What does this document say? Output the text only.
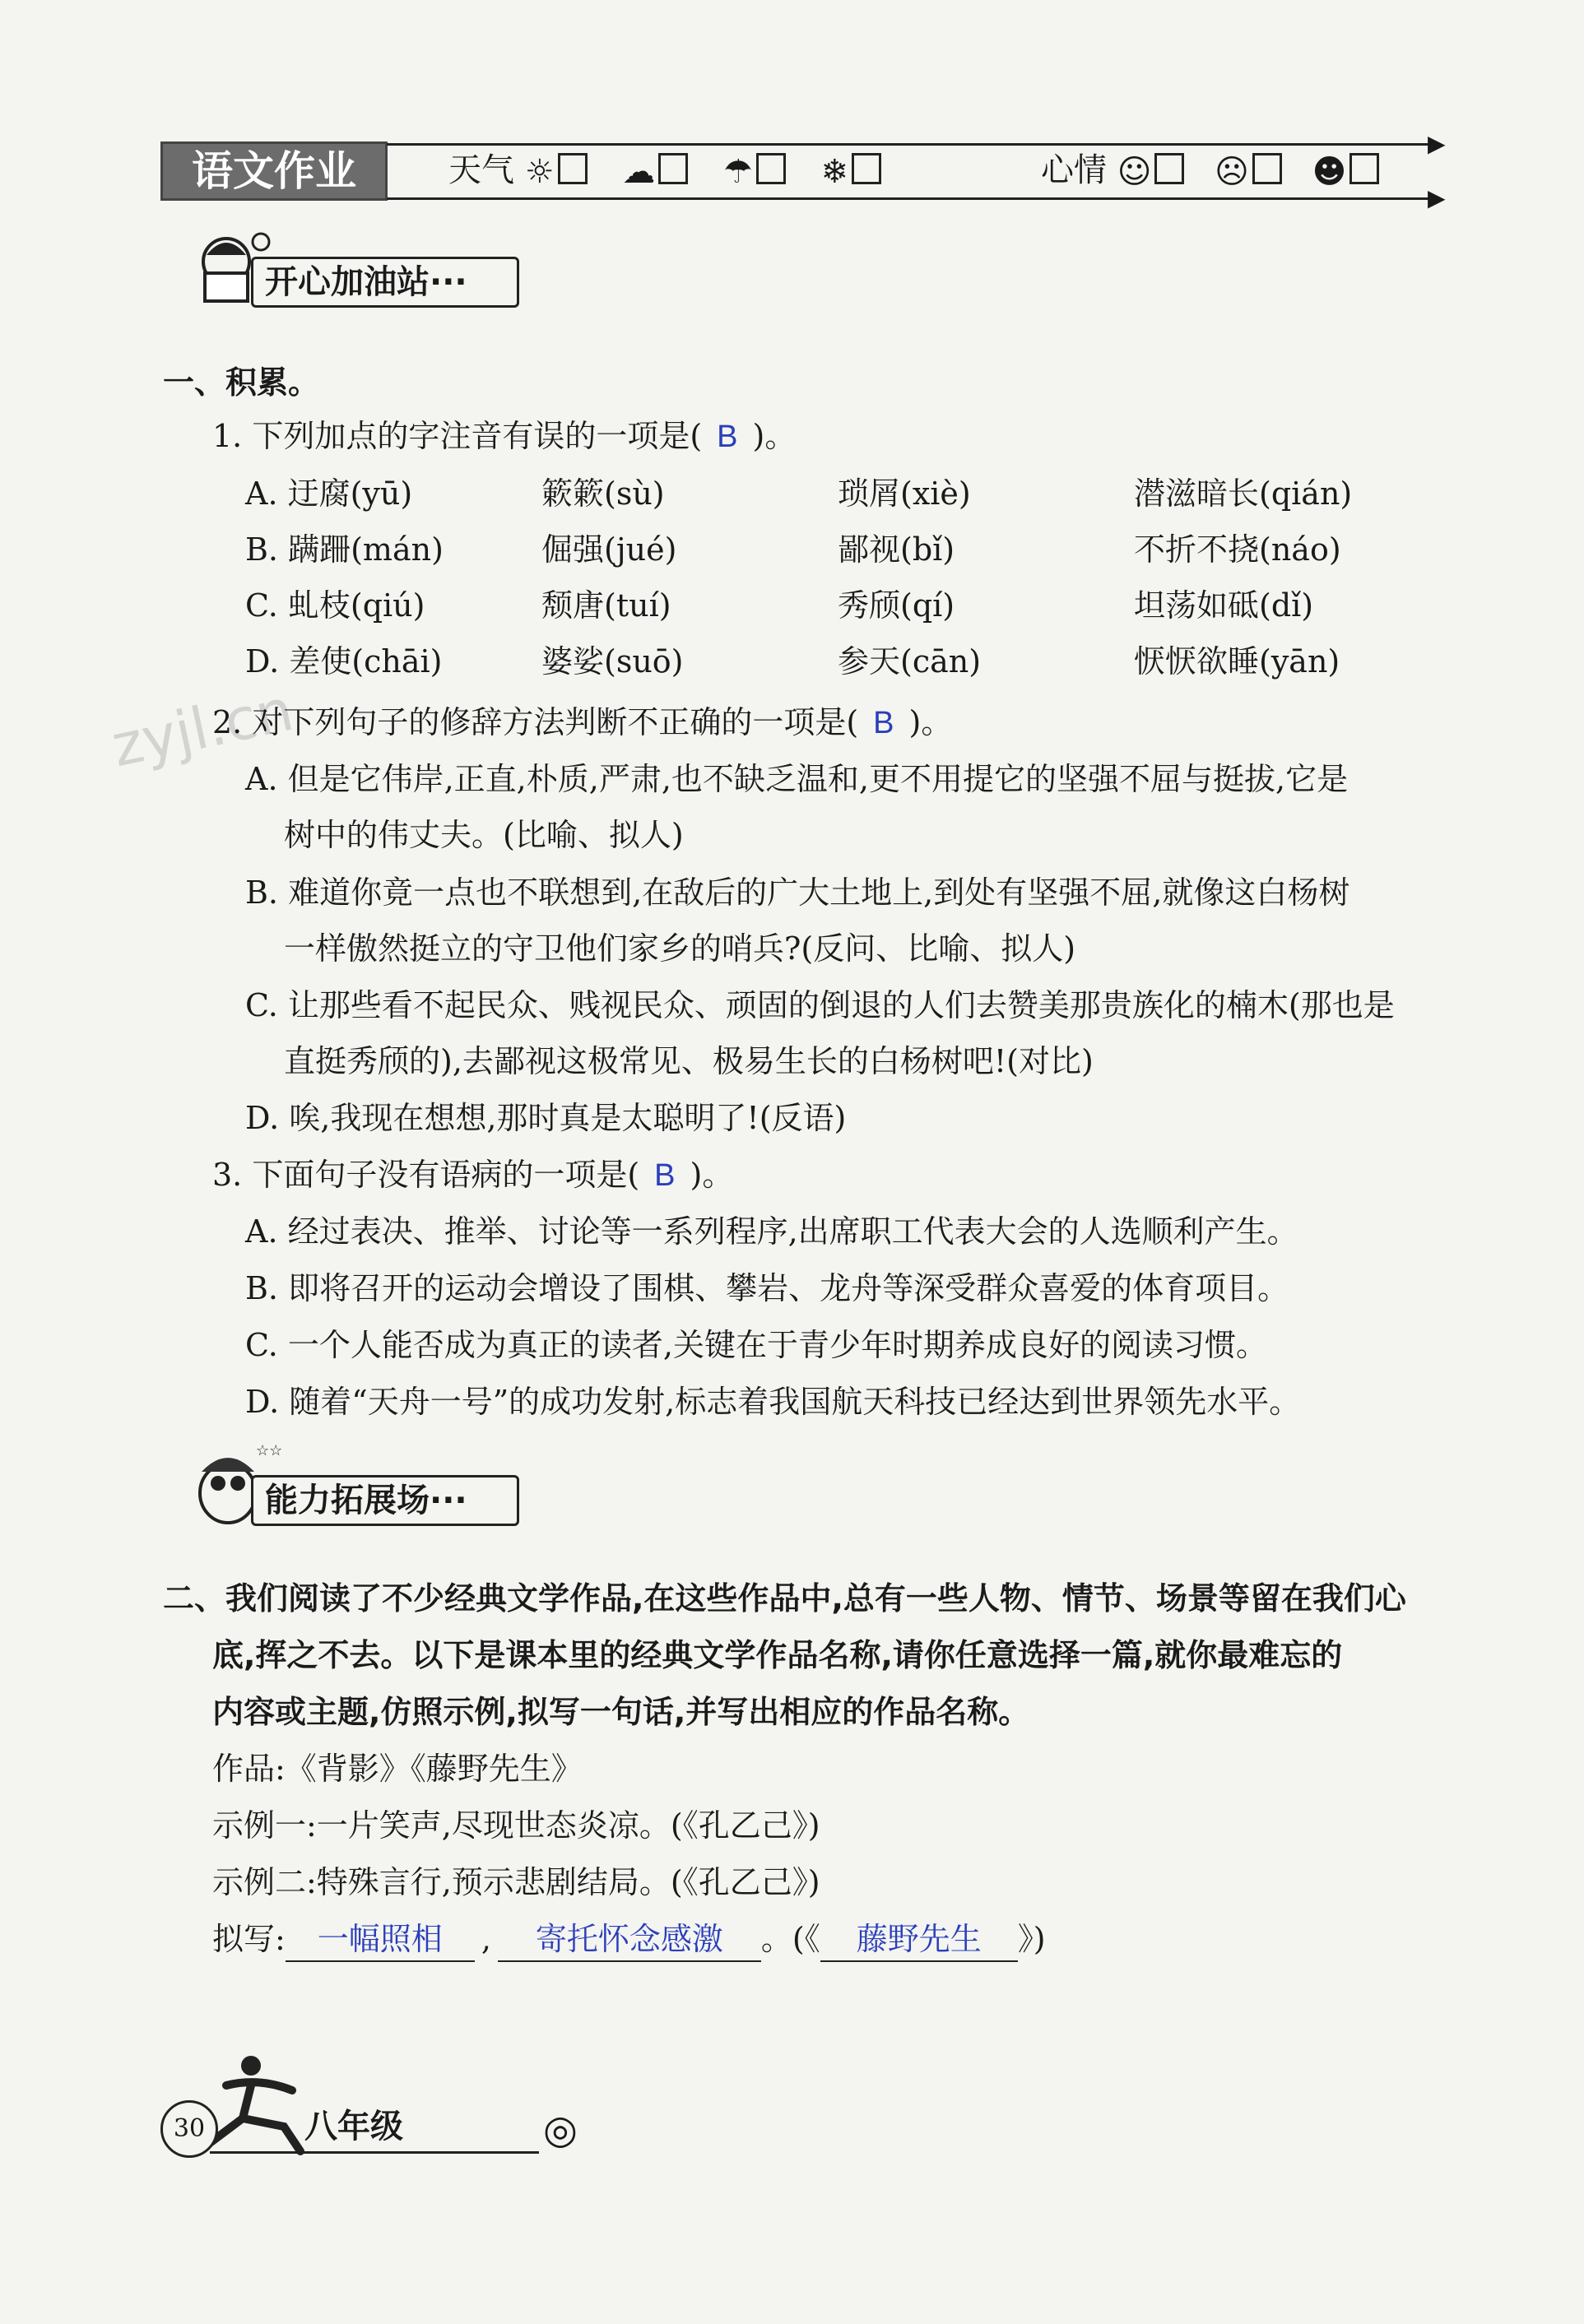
语文作业
▶
▶
天气 ☼ ☁ ☂ ❄	心情 ☺ ☹ ☻
开心加油站···
一、积累。
1. 下列加点的字注音有误的一项是( B )。
A. 迂腐(yū)	簌簌(sù)	琐屑(xiè)	潜滋暗长(qián)
B. 蹒跚(mán)	倔强(jué)	鄙视(bǐ)	不折不挠(náo)
C. 虬枝(qiú)	颓唐(tuí)	秀颀(qí)	坦荡如砥(dǐ)
D. 差使(chāi)	婆娑(suō)	参天(cān)	恹恹欲睡(yān)
zyjl.cn
2. 对下列句子的修辞方法判断不正确的一项是( B )。
A. 但是它伟岸,正直,朴质,严肃,也不缺乏温和,更不用提它的坚强不屈与挺拔,它是
树中的伟丈夫。(比喻、拟人)
B. 难道你竟一点也不联想到,在敌后的广大土地上,到处有坚强不屈,就像这白杨树
一样傲然挺立的守卫他们家乡的哨兵?(反问、比喻、拟人)
C. 让那些看不起民众、贱视民众、顽固的倒退的人们去赞美那贵族化的楠木(那也是
直挺秀颀的),去鄙视这极常见、极易生长的白杨树吧!(对比)
D. 唉,我现在想想,那时真是太聪明了!(反语)
3. 下面句子没有语病的一项是( B )。
A. 经过表决、推举、讨论等一系列程序,出席职工代表大会的人选顺利产生。
B. 即将召开的运动会增设了围棋、攀岩、龙舟等深受群众喜爱的体育项目。
C. 一个人能否成为真正的读者,关键在于青少年时期养成良好的阅读习惯。
D. 随着“天舟一号”的成功发射,标志着我国航天科技已经达到世界领先水平。
☆☆
能力拓展场···
二、我们阅读了不少经典文学作品,在这些作品中,总有一些人物、情节、场景等留在我们心
底,挥之不去。以下是课本里的经典文学作品名称,请你任意选择一篇,就你最难忘的
内容或主题,仿照示例,拟写一句话,并写出相应的作品名称。
作品:《背影》《藤野先生》
示例一:一片笑声,尽现世态炎凉。(《孔乙己》)
示例二:特殊言行,预示悲剧结局。(《孔乙己》)
拟写: 一幅照相 , 寄托怀念感激 。(《 藤野先生 》)
30	八年级	◎
